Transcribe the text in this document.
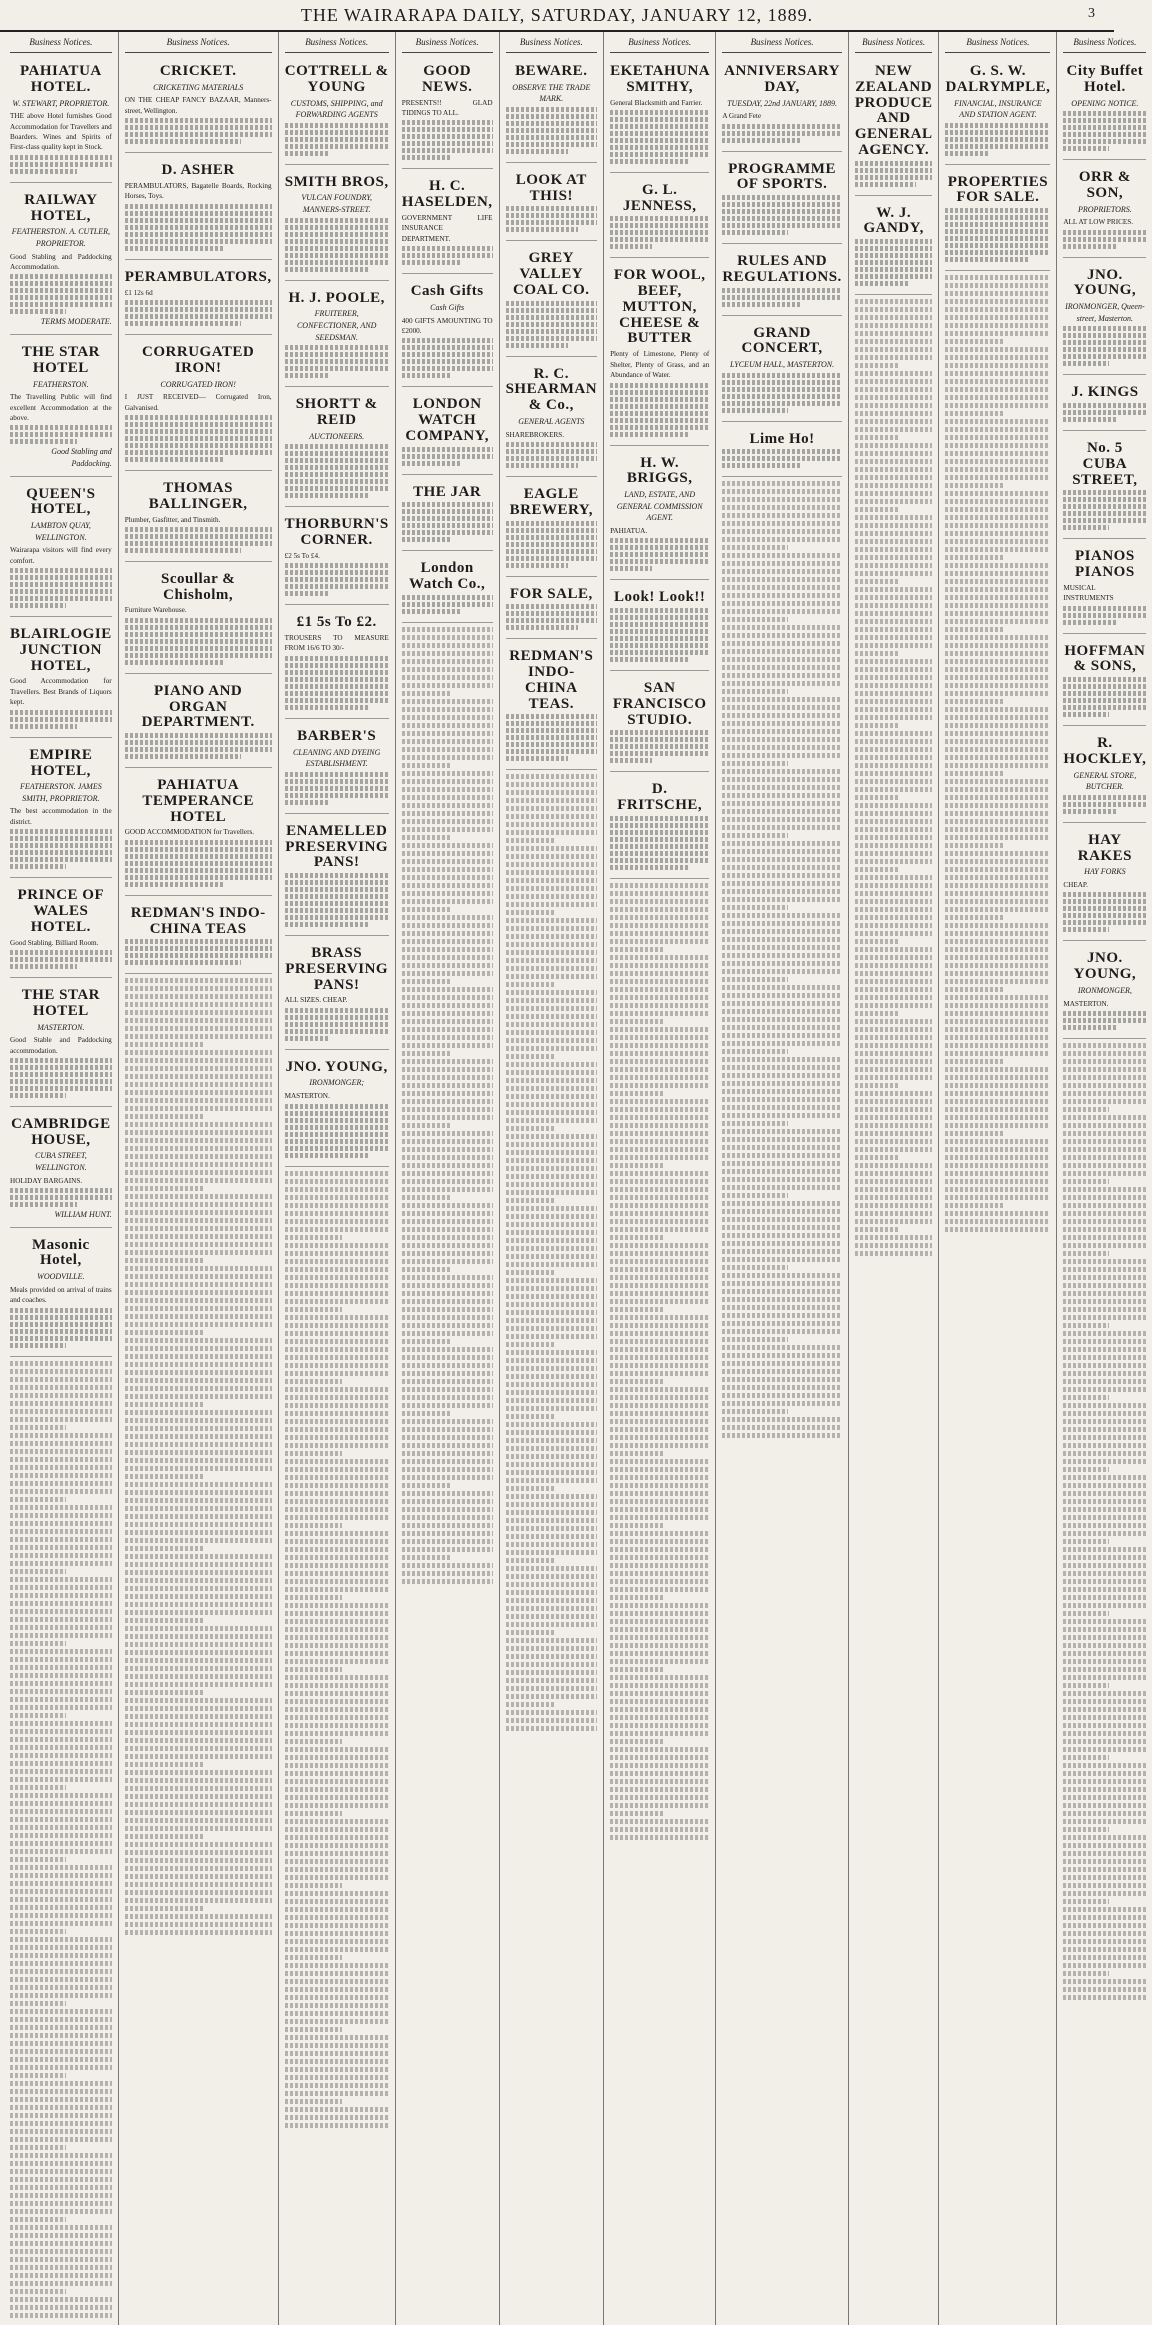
THE WAIRARAPA DAILY, SATURDAY, JANUARY 12, 1889.	3
Business Notices.
PAHIATUA HOTEL.
W. STEWART, PROPRIETOR.

THE above Hotel furnishes Good Accommodation for Travellers and Boarders. Wines and Spirits of First-class quality kept in Stock.

RAILWAY HOTEL,
FEATHERSTON. A. CUTLER, PROPRIETOR.

Good Stabling and Paddocking Accommodation.

TERMS MODERATE.
THE STAR HOTEL
FEATHERSTON.

The Travelling Public will find excellent Accommodation at the above.

Good Stabling and Paddocking.
QUEEN'S HOTEL,
LAMBTON QUAY, WELLINGTON.

Wairarapa visitors will find every comfort.

BLAIRLOGIE JUNCTION HOTEL,

Good Accommodation for Travellers. Best Brands of Liquors kept.

EMPIRE HOTEL,
FEATHERSTON. JAMES SMITH, PROPRIETOR.

The best accommodation in the district.

PRINCE OF WALES HOTEL.

Good Stabling. Billiard Room.

THE STAR HOTEL
MASTERTON.

Good Stable and Paddocking accommodation.

CAMBRIDGE HOUSE,
CUBA STREET, WELLINGTON.

HOLIDAY BARGAINS.

WILLIAM HUNT.
Masonic Hotel,
WOODVILLE.

Meals provided on arrival of trains and coaches.

Business Notices.
CRICKET.
CRICKETING MATERIALS

ON THE CHEAP FANCY BAZAAR, Manners-street, Wellington.

D. ASHER

PERAMBULATORS, Bagatelle Boards, Rocking Horses, Toys.

PERAMBULATORS,

£1 12s 6d

CORRUGATED IRON!
CORRUGATED IRON!

I JUST RECEIVED— Corrugated Iron, Galvanised.

THOMAS BALLINGER,

Plumber, Gasfitter, and Tinsmith.

Scoullar & Chisholm,

Furniture Warehouse.

PIANO AND ORGAN DEPARTMENT.
PAHIATUA TEMPERANCE HOTEL

GOOD ACCOMMODATION for Travellers.

REDMAN'S INDO-CHINA TEAS
Business Notices.
COTTRELL & YOUNG
CUSTOMS, SHIPPING, and FORWARDING AGENTS
SMITH BROS,
VULCAN FOUNDRY, MANNERS-STREET.
H. J. POOLE,
FRUITERER, CONFECTIONER, AND SEEDSMAN.
SHORTT & REID
AUCTIONEERS.
THORBURN'S CORNER.

£2 5s To £4.

£1 5s To £2.

TROUSERS TO MEASURE FROM 16/6 TO 30/-

BARBER'S
CLEANING AND DYEING ESTABLISHMENT.
ENAMELLED PRESERVING PANS!
BRASS PRESERVING PANS!

ALL SIZES. CHEAP.

JNO. YOUNG,
IRONMONGER;

MASTERTON.

Business Notices.
GOOD NEWS.

PRESENTS!! GLAD TIDINGS TO ALL.

H. C. HASELDEN,

GOVERNMENT LIFE INSURANCE DEPARTMENT.

Cash Gifts
Cash Gifts

400 GIFTS AMOUNTING TO £2000.

LONDON WATCH COMPANY,
THE JAR
London Watch Co.,
Business Notices.
BEWARE.
OBSERVE THE TRADE MARK.
LOOK AT THIS!
GREY VALLEY COAL CO.
R. C. SHEARMAN & Co.,
GENERAL AGENTS

SHAREBROKERS.

EAGLE BREWERY,
FOR SALE,
REDMAN'S INDO-CHINA TEAS.
Business Notices.
EKETAHUNA SMITHY,

General Blacksmith and Farrier.

G. L. JENNESS,
FOR WOOL, BEEF, MUTTON, CHEESE & BUTTER

Plenty of Limestone, Plenty of Shelter, Plenty of Grass, and an Abundance of Water.

H. W. BRIGGS,
LAND, ESTATE, AND GENERAL COMMISSION AGENT.

PAHIATUA.

Look! Look!!
SAN FRANCISCO STUDIO.
D. FRITSCHE,
Business Notices.
ANNIVERSARY DAY,
TUESDAY, 22nd JANUARY, 1889.

A Grand Fete

PROGRAMME OF SPORTS.
RULES AND REGULATIONS.
GRAND CONCERT,
LYCEUM HALL, MASTERTON.
Lime Ho!
Business Notices.
NEW ZEALAND PRODUCE AND GENERAL AGENCY.
W. J. GANDY,
Business Notices.
G. S. W. DALRYMPLE,
FINANCIAL, INSURANCE AND STATION AGENT.
PROPERTIES FOR SALE.
Business Notices.
City Buffet Hotel.
OPENING NOTICE.
ORR & SON,
PROPRIETORS.

ALL AT LOW PRICES.

JNO. YOUNG,
IRONMONGER, Queen-street, Masterton.
J. KINGS
No. 5 CUBA STREET,
PIANOS PIANOS

MUSICAL INSTRUMENTS

HOFFMAN & SONS,
R. HOCKLEY,
GENERAL STORE, BUTCHER.
HAY RAKES
HAY FORKS

CHEAP.

JNO. YOUNG,
IRONMONGER,

MASTERTON.
